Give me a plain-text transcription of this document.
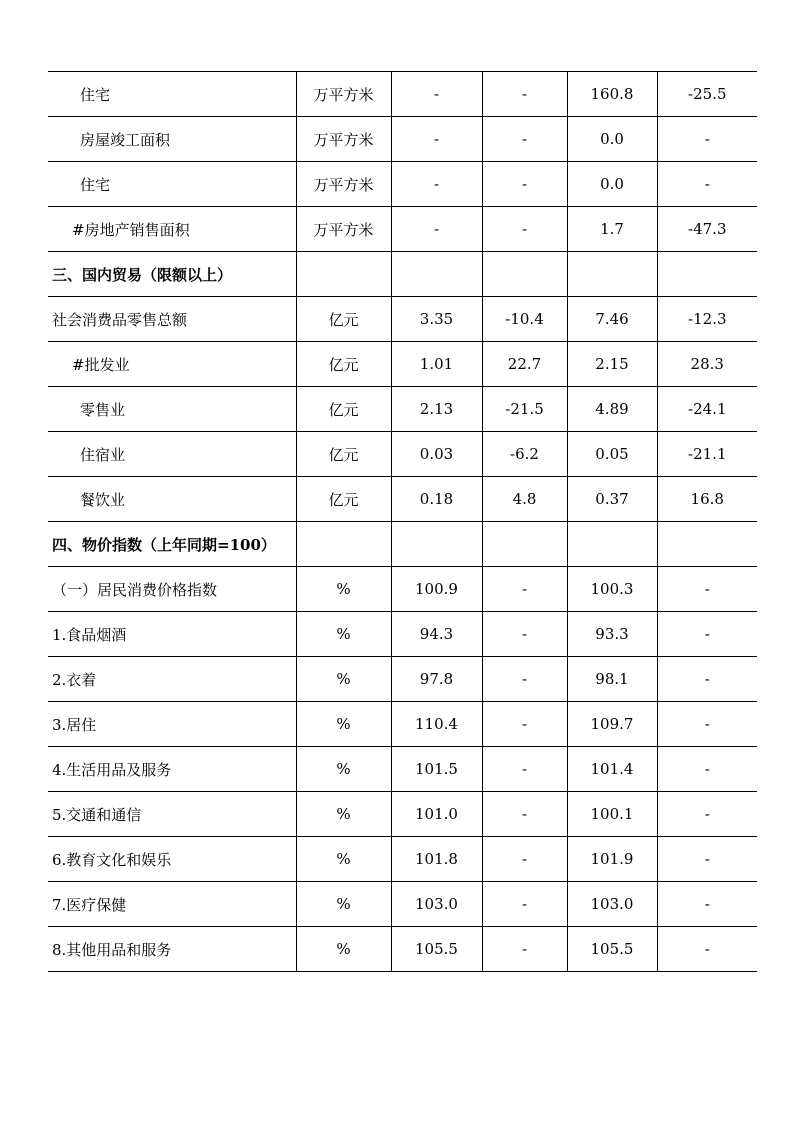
住宅	万平方米	-	-	160.8	-25.5
房屋竣工面积	万平方米	-	-	0.0	-
住宅	万平方米	-	-	0.0	-
#房地产销售面积	万平方米	-	-	1.7	-47.3
三、国内贸易（限额以上）					
社会消费品零售总额	亿元	3.35	-10.4	7.46	-12.3
#批发业	亿元	1.01	22.7	2.15	28.3
零售业	亿元	2.13	-21.5	4.89	-24.1
住宿业	亿元	0.03	-6.2	0.05	-21.1
餐饮业	亿元	0.18	4.8	0.37	16.8
四、物价指数（上年同期=100）					
（一）居民消费价格指数	%	100.9	-	100.3	-
1.食品烟酒	%	94.3	-	93.3	-
2.衣着	%	97.8	-	98.1	-
3.居住	%	110.4	-	109.7	-
4.生活用品及服务	%	101.5	-	101.4	-
5.交通和通信	%	101.0	-	100.1	-
6.教育文化和娱乐	%	101.8	-	101.9	-
7.医疗保健	%	103.0	-	103.0	-
8.其他用品和服务	%	105.5	-	105.5	-
